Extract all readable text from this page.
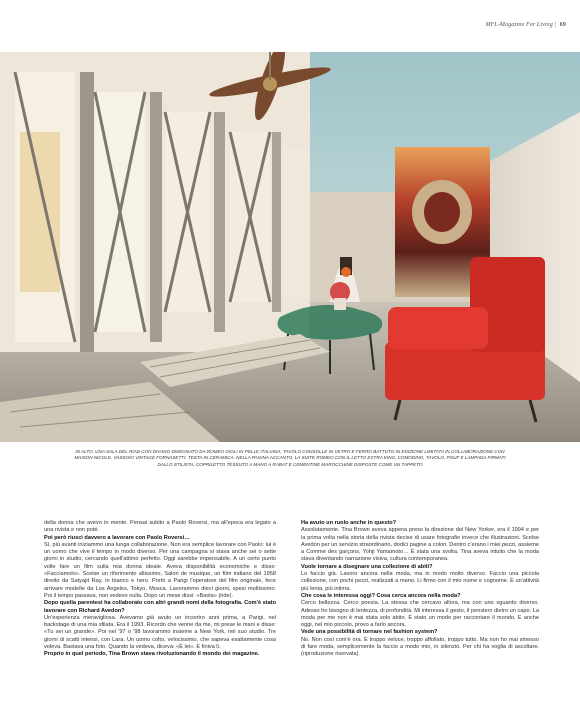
MFL-Magazine For Living | 69
IN ALTO, UNA SALA DEL RIAD CON DIVANO DISEGNATO DA ROMEO GIGLI IN PELLE ITALIANA, TAVOLO CONSOLLE IN VETRO E FERRO BATTUTO IN EDIZIONE LIMITATA IN COLLABORAZIONE CON MAISON NICOLE, VASSOIO VINTAGE FORNASETTI, TESTA IN CERAMICA. NELLA PAGINA ACCANTO, LA SUITE ROMEO CON IL LETTO EXTRA KING, COMODINO, TAVOLO, POUF E LAMPADA FIRMATI DALLO STILISTA, COPRILETTO TESSUTO A MANO A RABAT E CEMENTINE MAROCCHINE DISPOSTE COME UN TAPPETO

della donna che avevo in mente. Pensai subito a Paolo Roversi, ma all'epoca era legato a una rivista e non poté.

Poi però riuscì davvero a lavorare con Paolo Roversi…

Sì, più avanti iniziammo una lunga collaborazione. Non era semplice lavorare con Paolo: lui è un uomo che vive il tempo in modo diverso. Per una campagna si stava anche sei o sette giorni in studio, cercando quell'attimo perfetto. Oggi sarebbe impensabile. A un certo punto volle fare un film sulla mia donna ideale. Aveva disponibilità economiche e disse: «Facciamolo». Scelse un riferimento altissimo, Salon de musique, un film indiano del 1958 diretto da Satyajit Ray, in bianco e nero. Portò a Parigi l'operatore del film originale, fece arrivare modelle da Los Angeles, Tokyo, Mosca. Lavorammo dieci giorni, spesi moltissimo. Poi il tempo passava, non vedevo nulla. Dopo un mese dissi: «Basta» (ride).

Dopo quella parentesi ha collaborato con altri grandi nomi della fotografia. Com'è stato lavorare con Richard Avedon?

Un'esperienza meravigliosa. Avevamo già avuto un incontro anni prima, a Parigi, nel backstage di una mia sfilata. Era il 1993. Ricordo che venne da me, mi prese le mani e disse: «Tu sei un grande». Poi nel '97 o '98 lavorammo insieme a New York, nel suo studio. Tre giorni di scatti intensi, con Lara. Un uomo colto, velocissimo, che sapeva esattamente cosa voleva. Bastava una foto. Quando la vedeva, diceva: «È lei». E finiva lì.

Proprio in quel periodo, Tina Brown stava rivoluzionando il mondo dei magazine.

Ha avuto un ruolo anche in questo?

Assolutamente. Tina Brown aveva appena preso la direzione del New Yorker, era il 1994 e per la prima volta nella storia della rivista decise di usare fotografie invece che illustrazioni. Scelse Avedon per un servizio straordinario, dodici pagine a colori. Dentro c'erano i miei pezzi, assieme a Comme des garçons, Yohji Yamamoto… È stata una svolta. Tina aveva intuito che la moda stava diventando narrazione visiva, cultura contemporanea.

Vuole tornare a disegnare una collezione di abiti?

Lo faccio già. Lavoro ancora nella moda, ma in modo molto diverso. Faccio una piccola collezione, con pochi pezzi, realizzati a mano. Li firmo con il mio nome e cognome. È un'attività più lenta, più intima.

Che cosa le interessa oggi? Cosa cerca ancora nella moda?

Cerco bellezza. Cerco poesia. La stessa che cercavo allora, ma con uno sguardo diverso. Adesso ho bisogno di lentezza, di profondità. Mi interessa il gesto, il pensiero dietro un capo. La moda per me non è mai stata solo abito. È stato un modo per raccontare il mondo. E anche oggi, nel mio piccolo, provo a farlo ancora.

Vede una possibilità di tornare nel fashion system?

No. Non così com'è ora. È troppo veloce, troppo affollato, troppo tutto. Ma non ho mai smesso di fare moda, semplicemente la faccio a modo mio, in silenzio. Per chi ha voglia di ascoltare. (riproduzione riservata)
